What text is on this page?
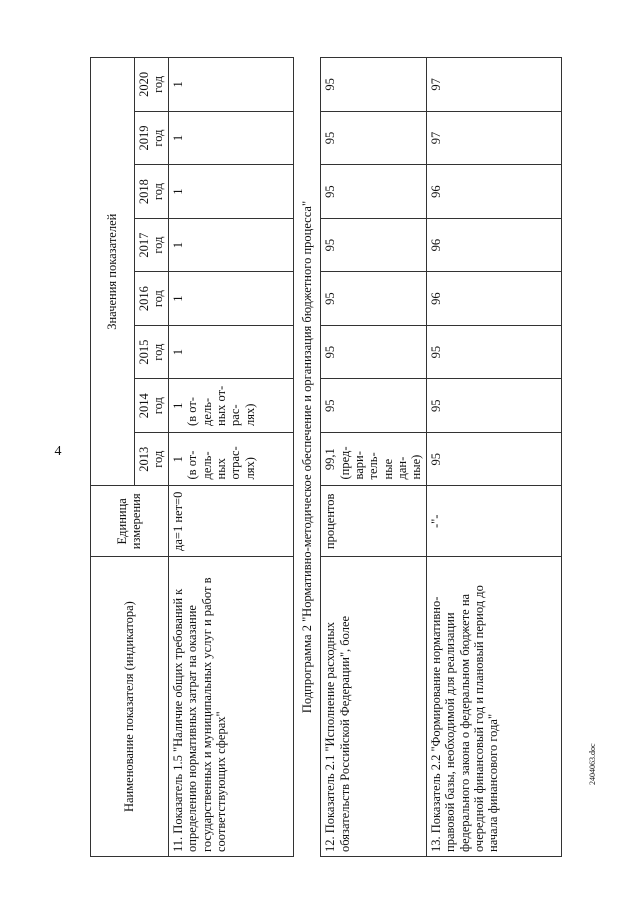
4
2404063.doc
Наименование показателя (индикатора)	Единица измерения	Значения показателей							
		2013 год	2014 год	2015 год	2016 год	2017 год	2018 год	2019 год	2020 год
11. Показатель 1.5 "Наличие общих требований к определению нормативных затрат на оказание государственных и муниципальных услуг и работ в соответствующих сферах"	да=1 нет=0	1 (в от-дель-ных отрас-лях)	1 (в от-дель-ных от-рас-лях)	1	1	1	1	1	1
Подпрограмма 2 "Нормативно-методическое обеспечение и организация бюджетного процесса"									
12. Показатель 2.1 "Исполнение расходных обязательств Российской Федерации", более	процентов	99,1 (пред-вари-тель-ные дан-ные)	95	95	95	95	95	95	95
13. Показатель 2.2 "Формирование нормативно-правовой базы, необходимой для реализации федерального закона о федеральном бюджете на очередной финансовый год и плановый период до начала финансового года"	-"-	95	95	95	96	96	96	97	97
